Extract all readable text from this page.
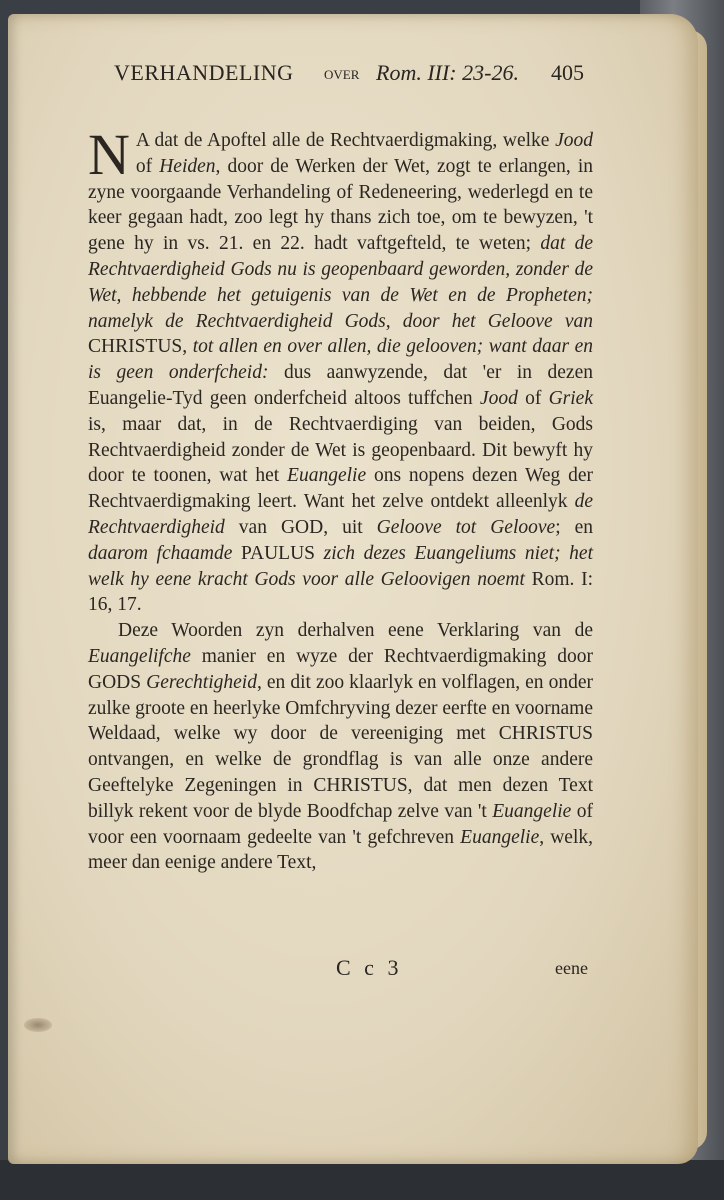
VERHANDELING over Rom. III: 23-26. 405

N A dat de Apoftel alle de Rechtvaerdigmaking, welke Jood of Heiden, door de Werken der Wet, zogt te erlangen, in zyne voorgaande Verhandeling of Redeneering, wederlegd en te keer gegaan hadt, zoo legt hy thans zich toe, om te bewyzen, 't gene hy in vs. 21. en 22. hadt vaftgefteld, te weten; dat de Rechtvaerdigheid Gods nu is geopenbaard geworden, zonder de Wet, hebbende het getuigenis van de Wet en de Propheten; namelyk de Rechtvaerdigheid Gods, door het Geloove van CHRISTUS, tot allen en over allen, die gelooven; want daar en is geen onderfcheid: dus aanwyzende, dat 'er in dezen Euangelie-Tyd geen onderfcheid altoos tuffchen Jood of Griek is, maar dat, in de Rechtvaerdiging van beiden, Gods Rechtvaerdigheid zonder de Wet is geopenbaard. Dit bewyft hy door te toonen, wat het Euangelie ons nopens dezen Weg der Rechtvaerdigmaking leert. Want het zelve ontdekt alleenlyk de Rechtvaerdigheid van GOD, uit Geloove tot Geloove; en daarom fchaamde PAULUS zich dezes Euangeliums niet; het welk hy eene kracht Gods voor alle Geloovigen noemt Rom. I: 16, 17.

Deze Woorden zyn derhalven eene Verklaring van de Euangelifche manier en wyze der Rechtvaerdigmaking door GODS Gerechtigheid, en dit zoo klaarlyk en volflagen, en onder zulke groote en heerlyke Omfchryving dezer eerfte en voorname Weldaad, welke wy door de vereeniging met CHRISTUS ontvangen, en welke de grondflag is van alle onze andere Geeftelyke Zegeningen in CHRISTUS, dat men dezen Text billyk rekent voor de blyde Boodfchap zelve van 't Euangelie of voor een voornaam gedeelte van 't gefchreven Euangelie, welk, meer dan eenige andere Text,

C c 3	eene
